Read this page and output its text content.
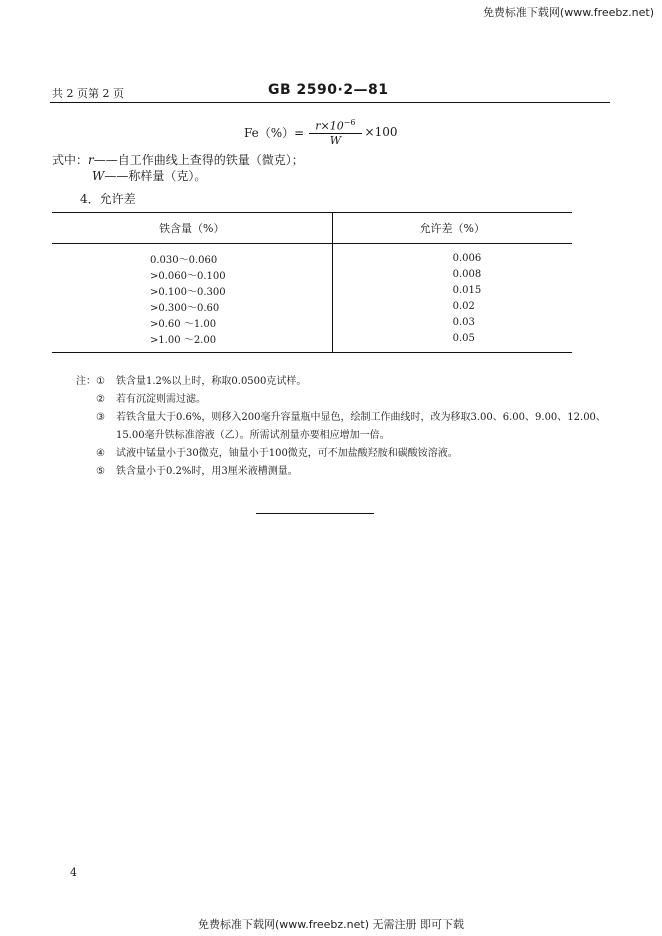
免费标准下载网(www.freebz.net)
共 2 页第 2 页	GB 2590·2—81
$Fe(\%)= \frac{r\times 10^{-6}}{W} \times 100$
式中：r——自工作曲线上查得的铁量（微克）；
W——称样量（克）。
4．允许差
铁含量（%）	允许差（%）
0.030～0.060	0.006
>0.060～0.100	0.008
>0.100～0.300	0.015
>0.300～0.60	0.02
>0.60 ～1.00	0.03
>1.00 ～2.00	0.05
注： ①	铁含量1.2%以上时，称取0.0500克试样。
②	若有沉淀则需过滤。
③	若铁含量大于0.6%，则移入200毫升容量瓶中显色，绘制工作曲线时，改为移取3.00、6.00、9.00、12.00、
15.00毫升铁标准溶液（乙）。所需试剂量亦要相应增加一倍。
④	试液中锰量小于30微克，铀量小于100微克，可不加盐酸羟胺和碳酸铵溶液。
⑤	铁含量小于0.2%时，用3厘米液槽测量。
4
免费标准下载网(www.freebz.net) 无需注册 即可下载
